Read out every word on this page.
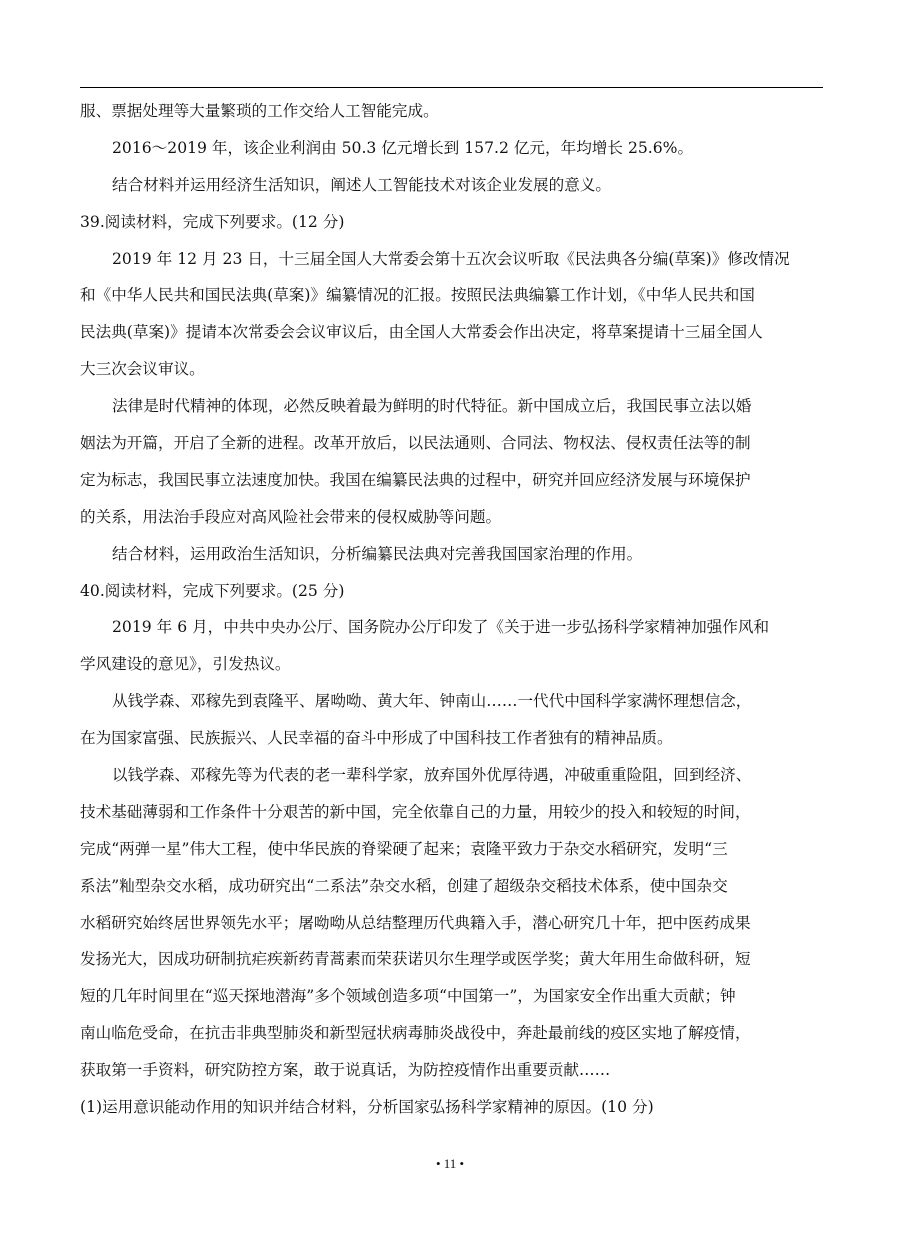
服、票据处理等大量繁琐的工作交给人工智能完成。
2016～2019 年，该企业利润由 50.3 亿元增长到 157.2 亿元，年均增长 25.6%。
结合材料并运用经济生活知识，阐述人工智能技术对该企业发展的意义。
39.阅读材料，完成下列要求。(12 分)
2019 年 12 月 23 日，十三届全国人大常委会第十五次会议听取《民法典各分编(草案)》修改情况
和《中华人民共和国民法典(草案)》编纂情况的汇报。按照民法典编纂工作计划，《中华人民共和国
民法典(草案)》提请本次常委会会议审议后，由全国人大常委会作出决定，将草案提请十三届全国人
大三次会议审议。
法律是时代精神的体现，必然反映着最为鲜明的时代特征。新中国成立后，我国民事立法以婚
姻法为开篇，开启了全新的进程。改革开放后，以民法通则、合同法、物权法、侵权责任法等的制
定为标志，我国民事立法速度加快。我国在编纂民法典的过程中，研究并回应经济发展与环境保护
的关系，用法治手段应对高风险社会带来的侵权威胁等问题。
结合材料，运用政治生活知识，分析编纂民法典对完善我国国家治理的作用。
40.阅读材料，完成下列要求。(25 分)
2019 年 6 月，中共中央办公厅、国务院办公厅印发了《关于进一步弘扬科学家精神加强作风和
学风建设的意见》，引发热议。
从钱学森、邓稼先到袁隆平、屠呦呦、黄大年、钟南山……一代代中国科学家满怀理想信念，
在为国家富强、民族振兴、人民幸福的奋斗中形成了中国科技工作者独有的精神品质。
以钱学森、邓稼先等为代表的老一辈科学家，放弃国外优厚待遇，冲破重重险阻，回到经济、
技术基础薄弱和工作条件十分艰苦的新中国，完全依靠自己的力量，用较少的投入和较短的时间，
完成“两弹一星”伟大工程，使中华民族的脊梁硬了起来；袁隆平致力于杂交水稻研究，发明“三
系法”籼型杂交水稻，成功研究出“二系法”杂交水稻，创建了超级杂交稻技术体系，使中国杂交
水稻研究始终居世界领先水平；屠呦呦从总结整理历代典籍入手，潜心研究几十年，把中医药成果
发扬光大，因成功研制抗疟疾新药青蒿素而荣获诺贝尔生理学或医学奖；黄大年用生命做科研，短
短的几年时间里在“巡天探地潜海”多个领域创造多项“中国第一”，为国家安全作出重大贡献；钟
南山临危受命，在抗击非典型肺炎和新型冠状病毒肺炎战役中，奔赴最前线的疫区实地了解疫情，
获取第一手资料，研究防控方案，敢于说真话，为防控疫情作出重要贡献……
(1)运用意识能动作用的知识并结合材料，分析国家弘扬科学家精神的原因。(10 分)
• 11 •
